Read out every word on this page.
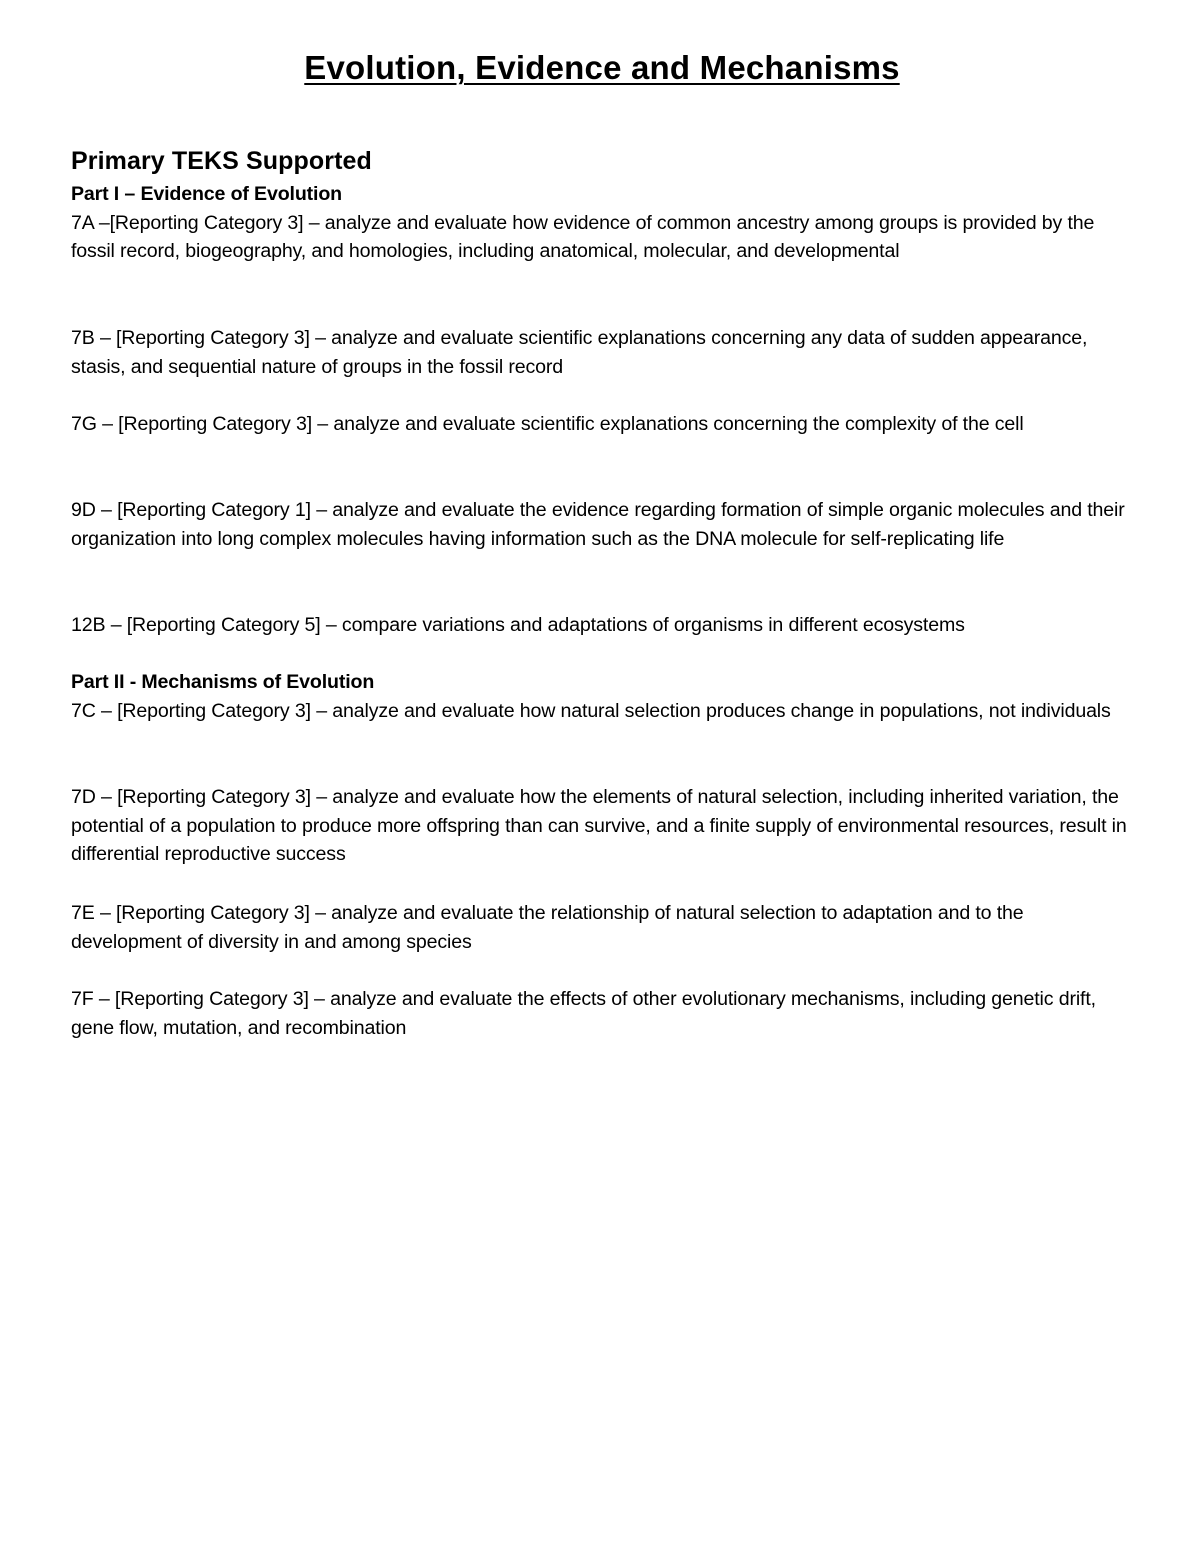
Evolution, Evidence and Mechanisms
Primary TEKS Supported
Part I – Evidence of Evolution
7A –[Reporting Category 3] – analyze and evaluate how evidence of common ancestry among groups is provided by the fossil record, biogeography, and homologies, including anatomical, molecular, and developmental
7B – [Reporting Category 3] – analyze and evaluate scientific explanations concerning any data of sudden appearance, stasis, and sequential nature of groups in the fossil record
7G – [Reporting Category 3] – analyze and evaluate scientific explanations concerning the complexity of the cell
9D – [Reporting Category 1] – analyze and evaluate the evidence regarding formation of simple organic molecules and their organization into long complex molecules having information such as the DNA molecule for self-replicating life
12B – [Reporting Category 5] – compare variations and adaptations of organisms in different ecosystems
Part II - Mechanisms of Evolution
7C – [Reporting Category 3] – analyze and evaluate how natural selection produces change in populations, not individuals
7D – [Reporting Category 3] – analyze and evaluate how the elements of natural selection, including inherited variation, the potential of a population to produce more offspring than can survive, and a finite supply of environmental resources, result in differential reproductive success
7E – [Reporting Category 3] – analyze and evaluate the relationship of natural selection to adaptation and to the development of diversity in and among species
7F – [Reporting Category 3] – analyze and evaluate the effects of other evolutionary mechanisms, including genetic drift, gene flow, mutation, and recombination
